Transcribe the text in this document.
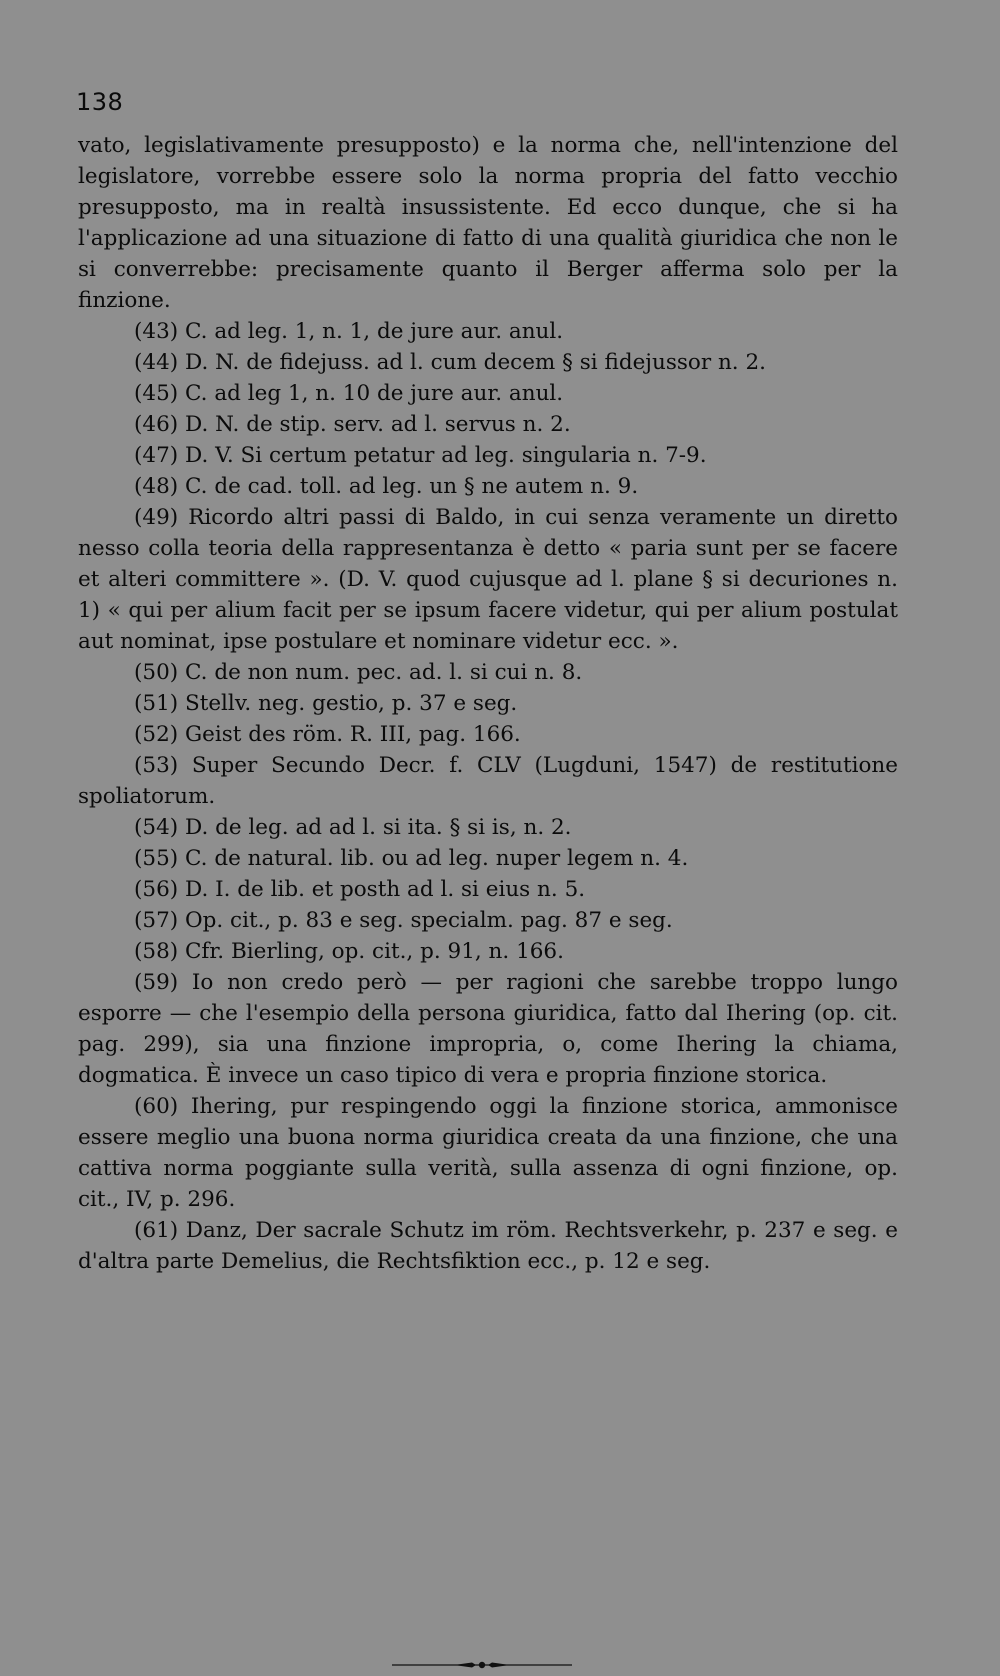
138

vato, legislativamente presupposto) e la norma che, nell'intenzione del legislatore, vorrebbe essere solo la norma propria del fatto vecchio presupposto, ma in realtà insussistente. Ed ecco dunque, che si ha l'applicazione ad una situazione di fatto di una qualità giuridica che non le si converrebbe: precisamente quanto il Berger afferma solo per la finzione.

(43) C. ad leg. 1, n. 1, de jure aur. anul.

(44) D. N. de fidejuss. ad l. cum decem § si fidejussor n. 2.

(45) C. ad leg 1, n. 10 de jure aur. anul.

(46) D. N. de stip. serv. ad l. servus n. 2.

(47) D. V. Si certum petatur ad leg. singularia n. 7-9.

(48) C. de cad. toll. ad leg. un § ne autem n. 9.

(49) Ricordo altri passi di Baldo, in cui senza veramente un diretto nesso colla teoria della rappresentanza è detto « paria sunt per se facere et alteri committere ». (D. V. quod cujusque ad l. plane § si decuriones n. 1) « qui per alium facit per se ipsum facere videtur, qui per alium postulat aut nominat, ipse postulare et nominare videtur ecc. ».

(50) C. de non num. pec. ad. l. si cui n. 8.

(51) Stellv. neg. gestio, p. 37 e seg.

(52) Geist des röm. R. III, pag. 166.

(53) Super Secundo Decr. f. CLV (Lugduni, 1547) de restitutione spoliatorum.

(54) D. de leg. ad ad l. si ita. § si is, n. 2.

(55) C. de natural. lib. ou ad leg. nuper legem n. 4.

(56) D. I. de lib. et posth ad l. si eius n. 5.

(57) Op. cit., p. 83 e seg. specialm. pag. 87 e seg.

(58) Cfr. Bierling, op. cit., p. 91, n. 166.

(59) Io non credo però — per ragioni che sarebbe troppo lungo esporre — che l'esempio della persona giuridica, fatto dal Ihering (op. cit. pag. 299), sia una finzione impropria, o, come Ihering la chiama, dogmatica. È invece un caso tipico di vera e propria finzione storica.

(60) Ihering, pur respingendo oggi la finzione storica, ammonisce essere meglio una buona norma giuridica creata da una finzione, che una cattiva norma poggiante sulla verità, sulla assenza di ogni finzione, op. cit., IV, p. 296.

(61) Danz, Der sacrale Schutz im röm. Rechtsverkehr, p. 237 e seg. e d'altra parte Demelius, die Rechtsfiktion ecc., p. 12 e seg.
